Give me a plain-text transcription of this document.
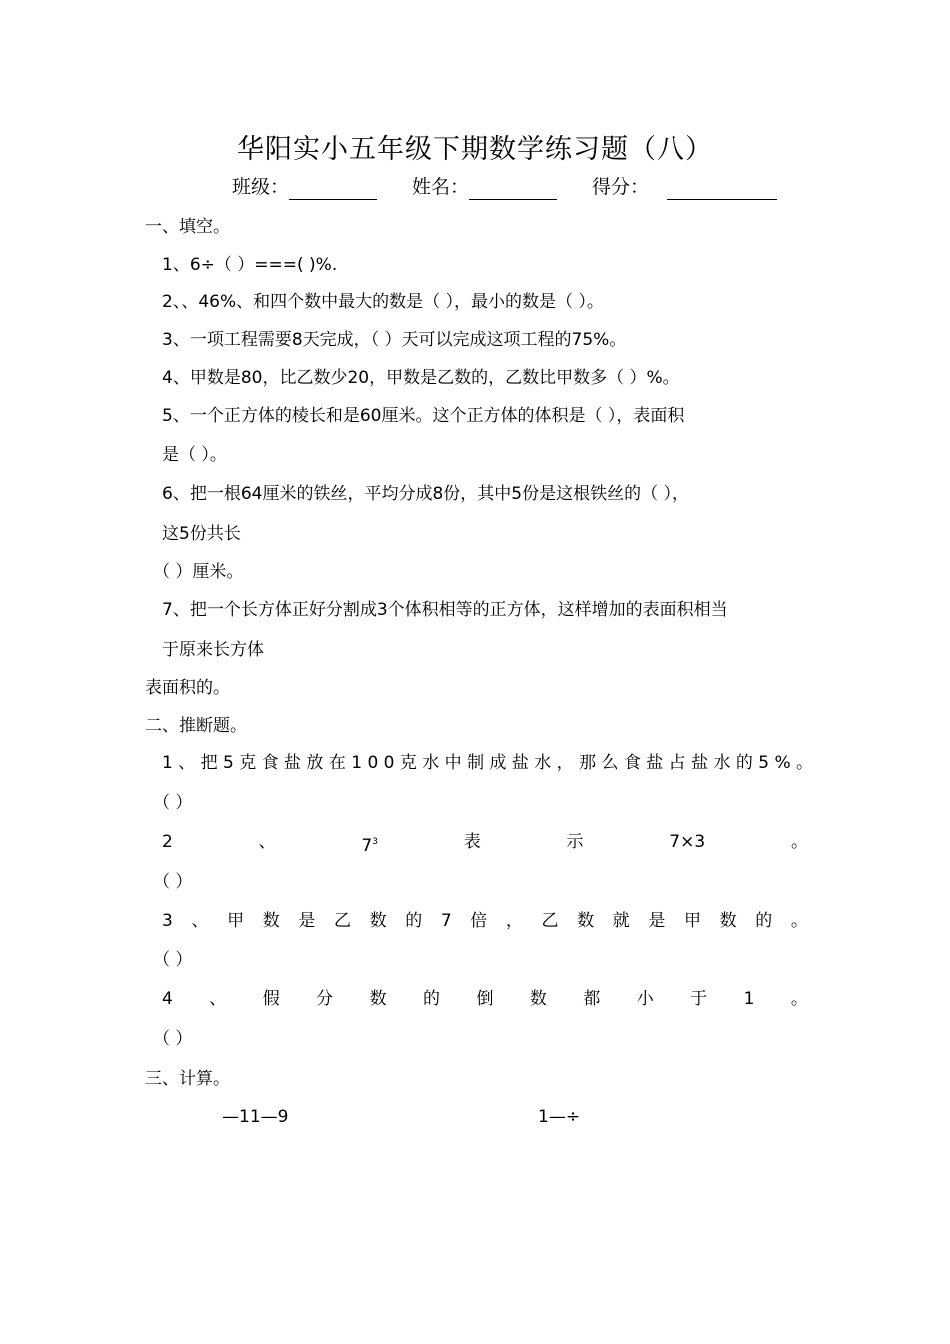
华阳实小五年级下期数学练习题（八）
班级：	姓名：	得分：
一、填空。
1、6÷（ ）===( )%.
2、、46%、和四个数中最大的数是（ ），最小的数是（ ）。
3、一项工程需要8天完成，（ ）天可以完成这项工程的75%。
4、甲数是80，比乙数少20，甲数是乙数的，乙数比甲数多（ ）%。
5、一个正方体的棱长和是60厘米。这个正方体的体积是（ ），表面积
是（ ）。
6、把一根64厘米的铁丝，平均分成8份，其中5份是这根铁丝的（ ），
这5份共长
（ ）厘米。
7、把一个长方体正好分割成3个体积相等的正方体，这样增加的表面积相当
于原来长方体
表面积的。
二、推断题。
1、把5克食盐放在100克水中制成盐水，那么食盐占盐水的5%。
（ ）
2	、	$7^3$	表	示	7×3	。
（ ）
3 、 甲 数 是 乙 数 的 7 倍 ， 乙 数 就 是 甲 数 的 。
（ ）
4 、 假 分 数 的 倒 数 都 小 于 1 。
（ ）
三、计算。
—11—9	1—÷
